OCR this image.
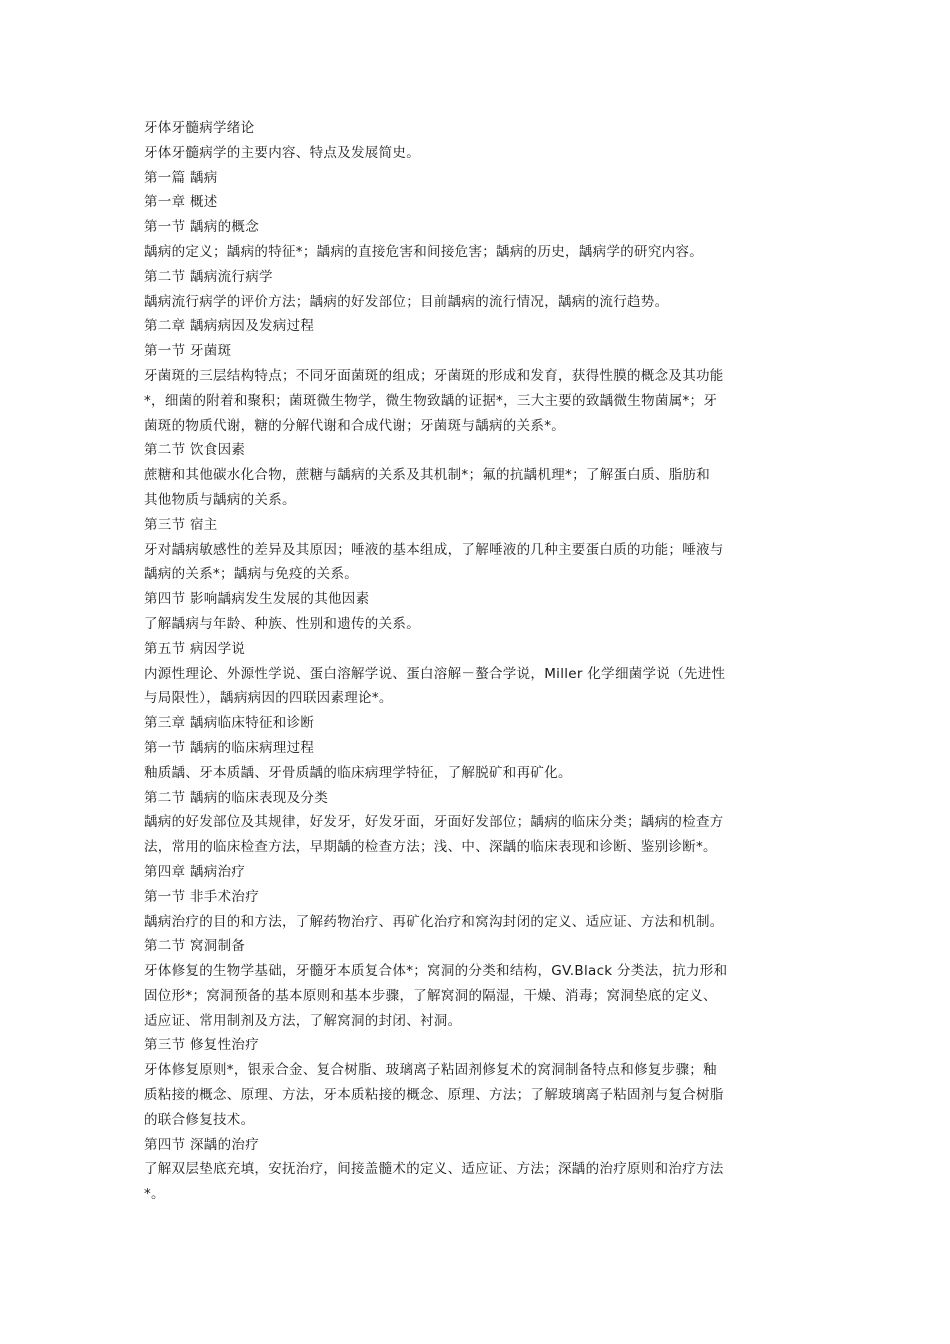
牙体牙髓病学绪论

牙体牙髓病学的主要内容、特点及发展简史。

第一篇 龋病

第一章 概述

第一节 龋病的概念

龋病的定义；龋病的特征*；龋病的直接危害和间接危害；龋病的历史，龋病学的研究内容。

第二节 龋病流行病学

龋病流行病学的评价方法；龋病的好发部位；目前龋病的流行情况，龋病的流行趋势。

第二章 龋病病因及发病过程

第一节 牙菌斑

牙菌斑的三层结构特点；不同牙面菌斑的组成；牙菌斑的形成和发育，获得性膜的概念及其功能

*，细菌的附着和聚积；菌斑微生物学，微生物致龋的证据*，三大主要的致龋微生物菌属*；牙

菌斑的物质代谢，糖的分解代谢和合成代谢；牙菌斑与龋病的关系*。

第二节 饮食因素

蔗糖和其他碳水化合物，蔗糖与龋病的关系及其机制*；氟的抗龋机理*；了解蛋白质、脂肪和

其他物质与龋病的关系。

第三节 宿主

牙对龋病敏感性的差异及其原因；唾液的基本组成，了解唾液的几种主要蛋白质的功能；唾液与

龋病的关系*；龋病与免疫的关系。

第四节 影响龋病发生发展的其他因素

了解龋病与年龄、种族、性别和遗传的关系。

第五节 病因学说

内源性理论、外源性学说、蛋白溶解学说、蛋白溶解－螯合学说，Miller 化学细菌学说（先进性

与局限性），龋病病因的四联因素理论*。

第三章 龋病临床特征和诊断

第一节 龋病的临床病理过程

釉质龋、牙本质龋、牙骨质龋的临床病理学特征，了解脱矿和再矿化。

第二节 龋病的临床表现及分类

龋病的好发部位及其规律，好发牙，好发牙面，牙面好发部位；龋病的临床分类；龋病的检查方

法，常用的临床检查方法，早期龋的检查方法；浅、中、深龋的临床表现和诊断、鉴别诊断*。

第四章 龋病治疗

第一节 非手术治疗

龋病治疗的目的和方法，了解药物治疗、再矿化治疗和窝沟封闭的定义、适应证、方法和机制。

第二节 窝洞制备

牙体修复的生物学基础，牙髓牙本质复合体*；窝洞的分类和结构，GV.Black 分类法，抗力形和

固位形*；窝洞预备的基本原则和基本步骤，了解窝洞的隔湿，干燥、消毒；窝洞垫底的定义、

适应证、常用制剂及方法，了解窝洞的封闭、衬洞。

第三节 修复性治疗

牙体修复原则*，银汞合金、复合树脂、玻璃离子粘固剂修复术的窝洞制备特点和修复步骤；釉

质粘接的概念、原理、方法，牙本质粘接的概念、原理、方法；了解玻璃离子粘固剂与复合树脂

的联合修复技术。

第四节 深龋的治疗

了解双层垫底充填，安抚治疗，间接盖髓术的定义、适应证、方法；深龋的治疗原则和治疗方法

*。
